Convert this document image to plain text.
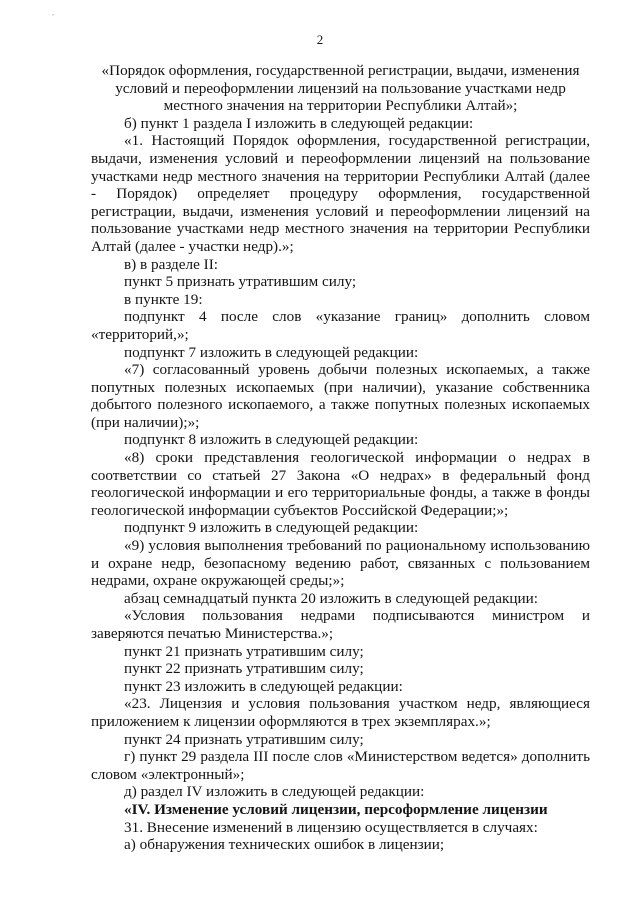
ʼ
2

«Порядок оформления, государственной регистрации, выдачи, изменения условий и переоформлении лицензий на пользование участками недр местного значения на территории Республики Алтай»;

б) пункт 1 раздела I изложить в следующей редакции:

«1. Настоящий Порядок оформления, государственной регистрации, выдачи, изменения условий и переоформлении лицензий на пользование участками недр местного значения на территории Республики Алтай (далее - Порядок) определяет процедуру оформления, государственной регистрации, выдачи, изменения условий и переоформлении лицензий на пользование участками недр местного значения на территории Республики Алтай (далее - участки недр).»;

в) в разделе II:

пункт 5 признать утратившим силу;

в пункте 19:

подпункт 4 после слов «указание границ» дополнить словом «территорий,»;

подпункт 7 изложить в следующей редакции:

«7) согласованный уровень добычи полезных ископаемых, а также попутных полезных ископаемых (при наличии), указание собственника добытого полезного ископаемого, а также попутных полезных ископаемых (при наличии);»;

подпункт 8 изложить в следующей редакции:

«8) сроки представления геологической информации о недрах в соответствии со статьей 27 Закона «О недрах» в федеральный фонд геологической информации и его территориальные фонды, а также в фонды геологической информации субъектов Российской Федерации;»;

подпункт 9 изложить в следующей редакции:

«9) условия выполнения требований по рациональному использованию и охране недр, безопасному ведению работ, связанных с пользованием недрами, охране окружающей среды;»;

абзац семнадцатый пункта 20 изложить в следующей редакции:

«Условия пользования недрами подписываются министром и заверяются печатью Министерства.»;

пункт 21 признать утратившим силу;

пункт 22 признать утратившим силу;

пункт 23 изложить в следующей редакции:

«23. Лицензия и условия пользования участком недр, являющиеся приложением к лицензии оформляются в трех экземплярах.»;

пункт 24 признать утратившим силу;

г) пункт 29 раздела III после слов «Министерством ведется» дополнить словом «электронный»;

д) раздел IV изложить в следующей редакции:

«IV. Изменение условий лицензии, персоформление лицензии

31. Внесение изменений в лицензию осуществляется в случаях:

а) обнаружения технических ошибок в лицензии;
